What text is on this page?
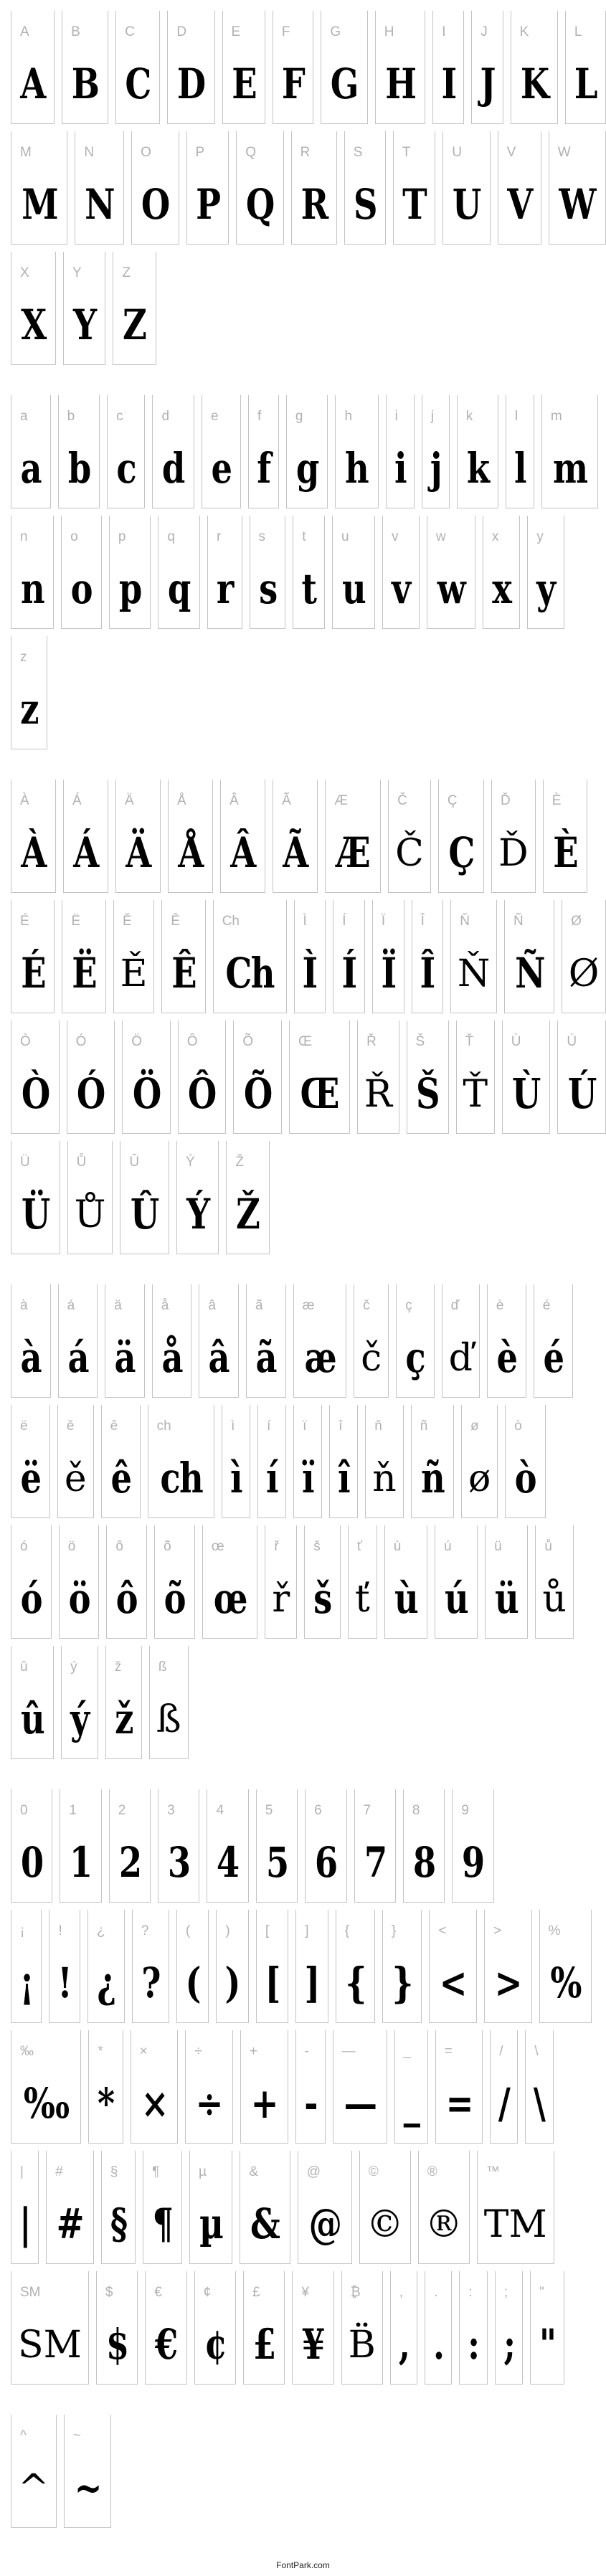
A
A
B
B
C
C
D
D
E
E
F
F
G
G
H
H
I
I
J
J
K
K
L
L
M
M
N
N
O
O
P
P
Q
Q
R
R
S
S
T
T
U
U
V
V
W
W
X
X
Y
Y
Z
Z
a
a
b
b
c
c
d
d
e
e
f
f
g
g
h
h
i
i
j
j
k
k
l
l
m
m
n
n
o
o
p
p
q
q
r
r
s
s
t
t
u
u
v
v
w
w
x
x
y
y
z
z
À
À
Á
Á
Ä
Ä
Å
Å
Â
Â
Ã
Ã
Æ
Æ
Č
Č
Ç
Ç
Ď
Ď
È
È
É
É
Ë
Ë
Ě
Ě
Ê
Ê
Ch
Ch
Ì
Ì
Í
Í
Ï
Ï
Î
Î
Ň
Ň
Ñ
Ñ
Ø
Ø
Ò
Ò
Ó
Ó
Ö
Ö
Ô
Ô
Õ
Õ
Œ
Œ
Ř
Ř
Š
Š
Ť
Ť
Ù
Ù
Ú
Ú
Ü
Ü
Ů
Ů
Û
Û
Ý
Ý
Ž
Ž
à
à
á
á
ä
ä
å
å
â
â
ã
ã
æ
æ
č
č
ç
ç
ď
ď
è
è
é
é
ë
ë
ě
ě
ê
ê
ch
ch
ì
ì
í
í
ï
ï
î
î
ň
ň
ñ
ñ
ø
ø
ò
ò
ó
ó
ö
ö
ô
ô
õ
õ
œ
œ
ř
ř
š
š
ť
ť
ù
ù
ú
ú
ü
ü
ů
ů
û
û
ý
ý
ž
ž
ß
ß
0
0
1
1
2
2
3
3
4
4
5
5
6
6
7
7
8
8
9
9
¡
¡
!
!
¿
¿
?
?
(
(
)
)
[
[
]
]
{
{
}
}
<
<
>
>
%
%
‰
‰
*
*
×
×
÷
÷
+
+
-
-
—
—
_
_
=
=
/
/
\
\
|
|
#
#
§
§
¶
¶
µ
µ
&
&
@
@
©
©
®
®
™
TM
SM
SM
$
$
€
€
¢
¢
£
£
¥
¥
₿
B̈
,
,
.
.
:
:
;
;
"
"
^
^
~
~
FontPark.com
